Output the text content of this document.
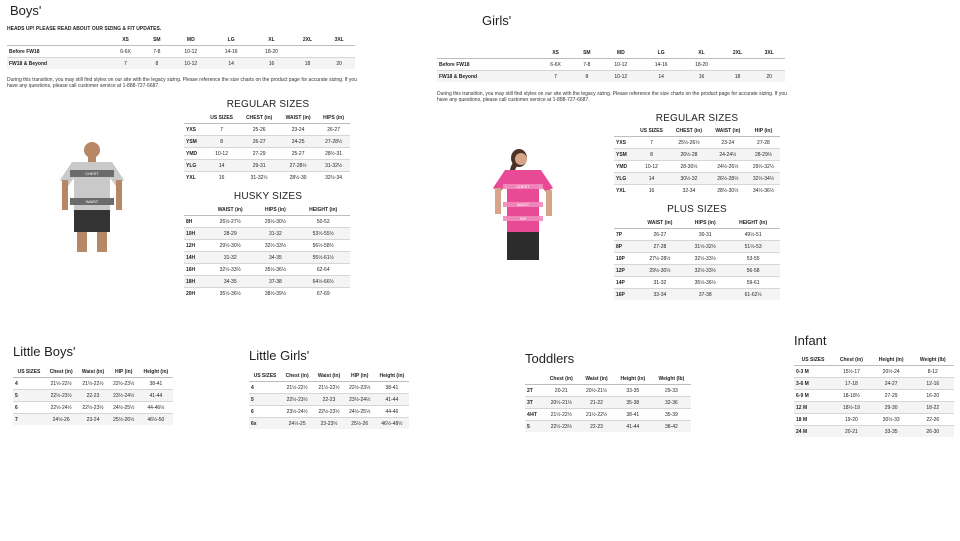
Boys'
HEADS UP! PLEASE READ ABOUT OUR SIZING & FIT UPDATES.
	XS	SM	MD	LG	XL	2XL	3XL
Before FW18	6-6X	7-8	10-12	14-16	18-20		
FW18 & Beyond	7	8	10-12	14	16	18	20
During this transition, you may still find styles on our site with the legacy sizing. Please reference the size charts on the product page for accurate sizing. If you have any questions, please call customer service at 1-888-727-6687.
REGULAR SIZES
	US SIZES	CHEST (in)	WAIST (in)	HIPS (in)
YXS	7	25-26	23-24	26-27
YSM	8	26-27	24-25	27-28½
YMD	10-12	27-29	25-27	28½-31
YLG	14	29-31	27-28½	31-32½
YXL	16	31-32½	28½-30	32½-34
HUSKY SIZES
	WAIST (in)	HIPS (in)	HEIGHT (in)
8H	26½-27½	29½-30½	50-52
10H	28-29	31-32	53½-55½
12H	29½-30½	32½-33½	56½-58½
14H	31-32	34-35	55½-61½
16H	32½-33½	35½-36½	62-64
18H	34-35	37-38	64½-66½
20H	35½-36½	38½-39½	67-69
CHEST
WAIST
Girls'
	XS	SM	MD	LG	XL	2XL	3XL
Before FW18	6-6X	7-8	10-12	14-16	18-20		
FW18 & Beyond	7	8	10-12	14	16	18	20
During this transition, you may still find styles on our site with the legacy sizing. Please reference the size charts on the product page for accurate sizing. If you have any questions, please call customer service at 1-888-727-6687.
REGULAR SIZES
	US SIZES	CHEST (in)	WAIST (in)	HIP (in)
YXS	7	25½-26½	23-24	27-28
YSM	8	26½-28	24-24½	28-29½
YMD	10-12	28-30½	24½-26½	29½-32½
YLG	14	30½-32	26½-28½	32½-34½
YXL	16	32-34	28½-30½	34½-36½
PLUS SIZES
	WAIST (in)	HIPS (in)	HEIGHT (in)
7P	26-27	30-31	49½-51
8P	27-28	31½-32½	51½-53
10P	27½-28½	32½-33½	53-55
12P	29½-30½	32½-33½	56-58
14P	31-32	35½-36½	59-61
16P	33-34	37-38	61-62½
CHEST
WAIST
HIP
Little Boys'
US SIZES	Chest (in)	Waist (in)	HIP (in)	Height (in)
4	21½-22½	21½-22½	22½-23½	38-41
5	22½-23½	22-23	23½-24½	41-44
6	22½-24½	22½-23½	24½-25½	44-46½
7	24½-26	23-24	25½-26½	46½-50
Little Girls'
US SIZES	Chest (in)	Waist (in)	HIP (in)	Height (in)
4	21½-22½	21½-22½	22½-23½	38-41
5	22½-23½	22-23	23½-24½	41-44
6	23½-24½	22½-23½	24½-25½	44-46
6x	24½-25	23-23½	25½-26	46½-48½
Toddlers
	Chest (in)	Waist (in)	Height (in)	Weight (lb)
2T	20-21	20½-21½	33-35	29-33
3T	20½-21½	21-22	35-38	32-36
4/4T	21½-22½	21½-22½	38-41	35-39
5	22½-23½	22-23	41-44	38-42
Infant
US SIZES	Chest (in)	Height (in)	Weight (lb)
0-3 M	15½-17	20½-24	8-12
3-6 M	17-18	24-27	12-16
6-9 M	18-18½	27-29	16-20
12 M	18½-19	29-30	18-22
18 M	19-20	30½-33	22-26
24 M	20-21	33-35	26-30
